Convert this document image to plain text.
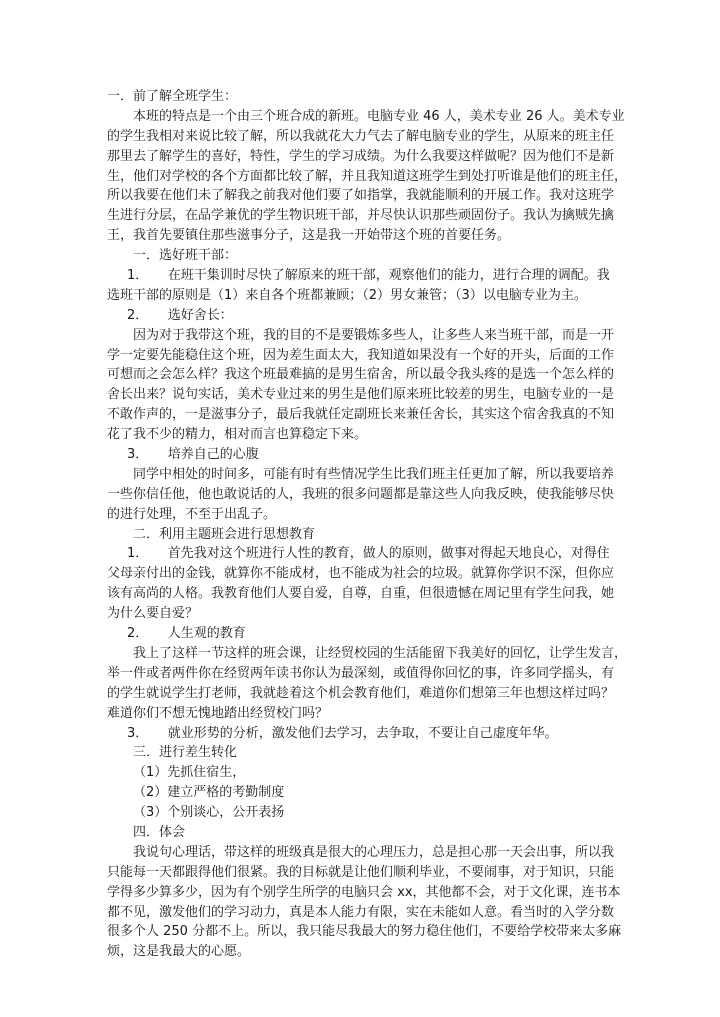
一．前了解全班学生：
本班的特点是一个由三个班合成的新班。电脑专业 46 人，美术专业 26 人。美术专业
的学生我相对来说比较了解，所以我就花大力气去了解电脑专业的学生，从原来的班主任
那里去了解学生的喜好，特性，学生的学习成绩。为什么我要这样做呢？因为他们不是新
生，他们对学校的各个方面都比较了解，并且我知道这班学生到处打听谁是他们的班主任，
所以我要在他们未了解我之前我对他们要了如指掌，我就能顺利的开展工作。我对这班学
生进行分层，在品学兼优的学生物识班干部，并尽快认识那些顽固份子。我认为擒贼先擒
王，我首先要镇住那些滋事分子，这是我一开始带这个班的首要任务。
一．选好班干部：
1．　　在班干集训时尽快了解原来的班干部，观察他们的能力，进行合理的调配。我
选班干部的原则是（1）来自各个班都兼顾；（2）男女兼管；（3）以电脑专业为主。
2．　　选好舍长：
因为对于我带这个班，我的目的不是要锻炼多些人，让多些人来当班干部，而是一开
学一定要先能稳住这个班，因为差生面太大，我知道如果没有一个好的开头，后面的工作
可想而之会怎么样？我这个班最难搞的是男生宿舍，所以最令我头疼的是选一个怎么样的
舍长出来？说句实话，美术专业过来的男生是他们原来班比较差的男生，电脑专业的一是
不敢作声的，一是滋事分子，最后我就任定副班长来兼任舍长，其实这个宿舍我真的不知
花了我不少的精力，相对而言也算稳定下来。
3．　　培养自己的心腹
同学中相处的时间多，可能有时有些情况学生比我们班主任更加了解，所以我要培养
一些你信任他，他也敢说话的人，我班的很多问题都是靠这些人向我反映，使我能够尽快
的进行处理，不至于出乱子。
二．利用主题班会进行思想教育
1．　　首先我对这个班进行人性的教育，做人的原则，做事对得起天地良心，对得住
父母亲付出的金钱，就算你不能成材，也不能成为社会的垃圾。就算你学识不深，但你应
该有高尚的人格。我教育他们人要自爱，自尊，自重，但很遗憾在周记里有学生问我，她
为什么要自爱？
2．　　人生观的教育
我上了这样一节这样的班会课，让经贸校园的生活能留下我美好的回忆，让学生发言，
举一件或者两件你在经贸两年读书你认为最深刻，或值得你回忆的事，许多同学摇头，有
的学生就说学生打老师，我就趁着这个机会教育他们，难道你们想第三年也想这样过吗？
难道你们不想无愧地踏出经贸校门吗？
3．　　就业形势的分析，激发他们去学习，去争取，不要让自己虚度年华。
三．进行差生转化
（1）先抓住宿生，
（2）建立严格的考勤制度
（3）个别谈心，公开表扬
四．体会
我说句心理话，带这样的班级真是很大的心理压力，总是担心那一天会出事，所以我
只能每一天都跟得他们很紧。我的目标就是让他们顺利毕业，不要闹事，对于知识，只能
学得多少算多少，因为有个别学生所学的电脑只会 xx，其他都不会，对于文化课，连书本
都不见，激发他们的学习动力，真是本人能力有限，实在未能如人意。看当时的入学分数
很多个人 250 分都不上。所以，我只能尽我最大的努力稳住他们，不要给学校带来太多麻
烦，这是我最大的心愿。
